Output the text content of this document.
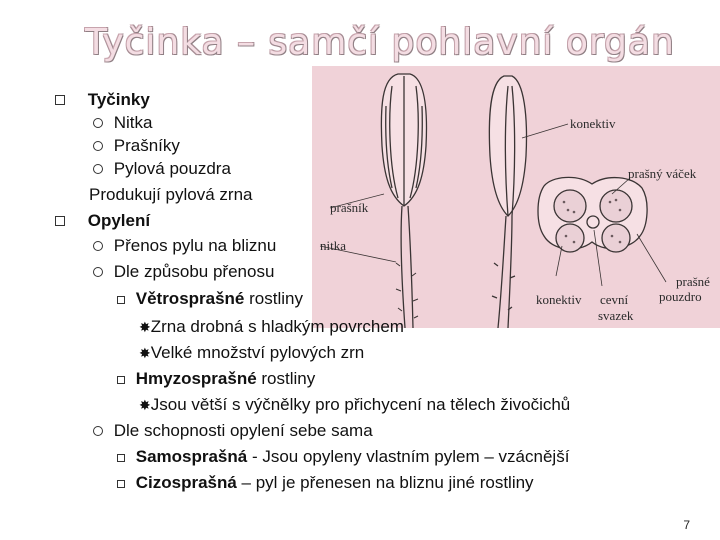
Tyčinka – samčí pohlavní orgán
konektiv
prašný váček
prašník
nitka
prašné
pouzdro
konektiv cevní
svazek
Tyčinky
Nitka
Prašníky
Pylová pouzdra
Produkují pylová zrna
Opylení
Přenos pylu na bliznu
Dle způsobu přenosu
Větrosprašné rostliny
✸Zrna drobná s hladkým povrchem
✸Velké množství pylových zrn
Hmyzosprašné rostliny
✸Jsou větší s výčnělky pro přichycení na tělech živočichů
Dle schopnosti opylení sebe sama
Samosprašná - Jsou opyleny vlastním pylem – vzácnější
Cizosprašná – pyl je přenesen na bliznu jiné rostliny
7
